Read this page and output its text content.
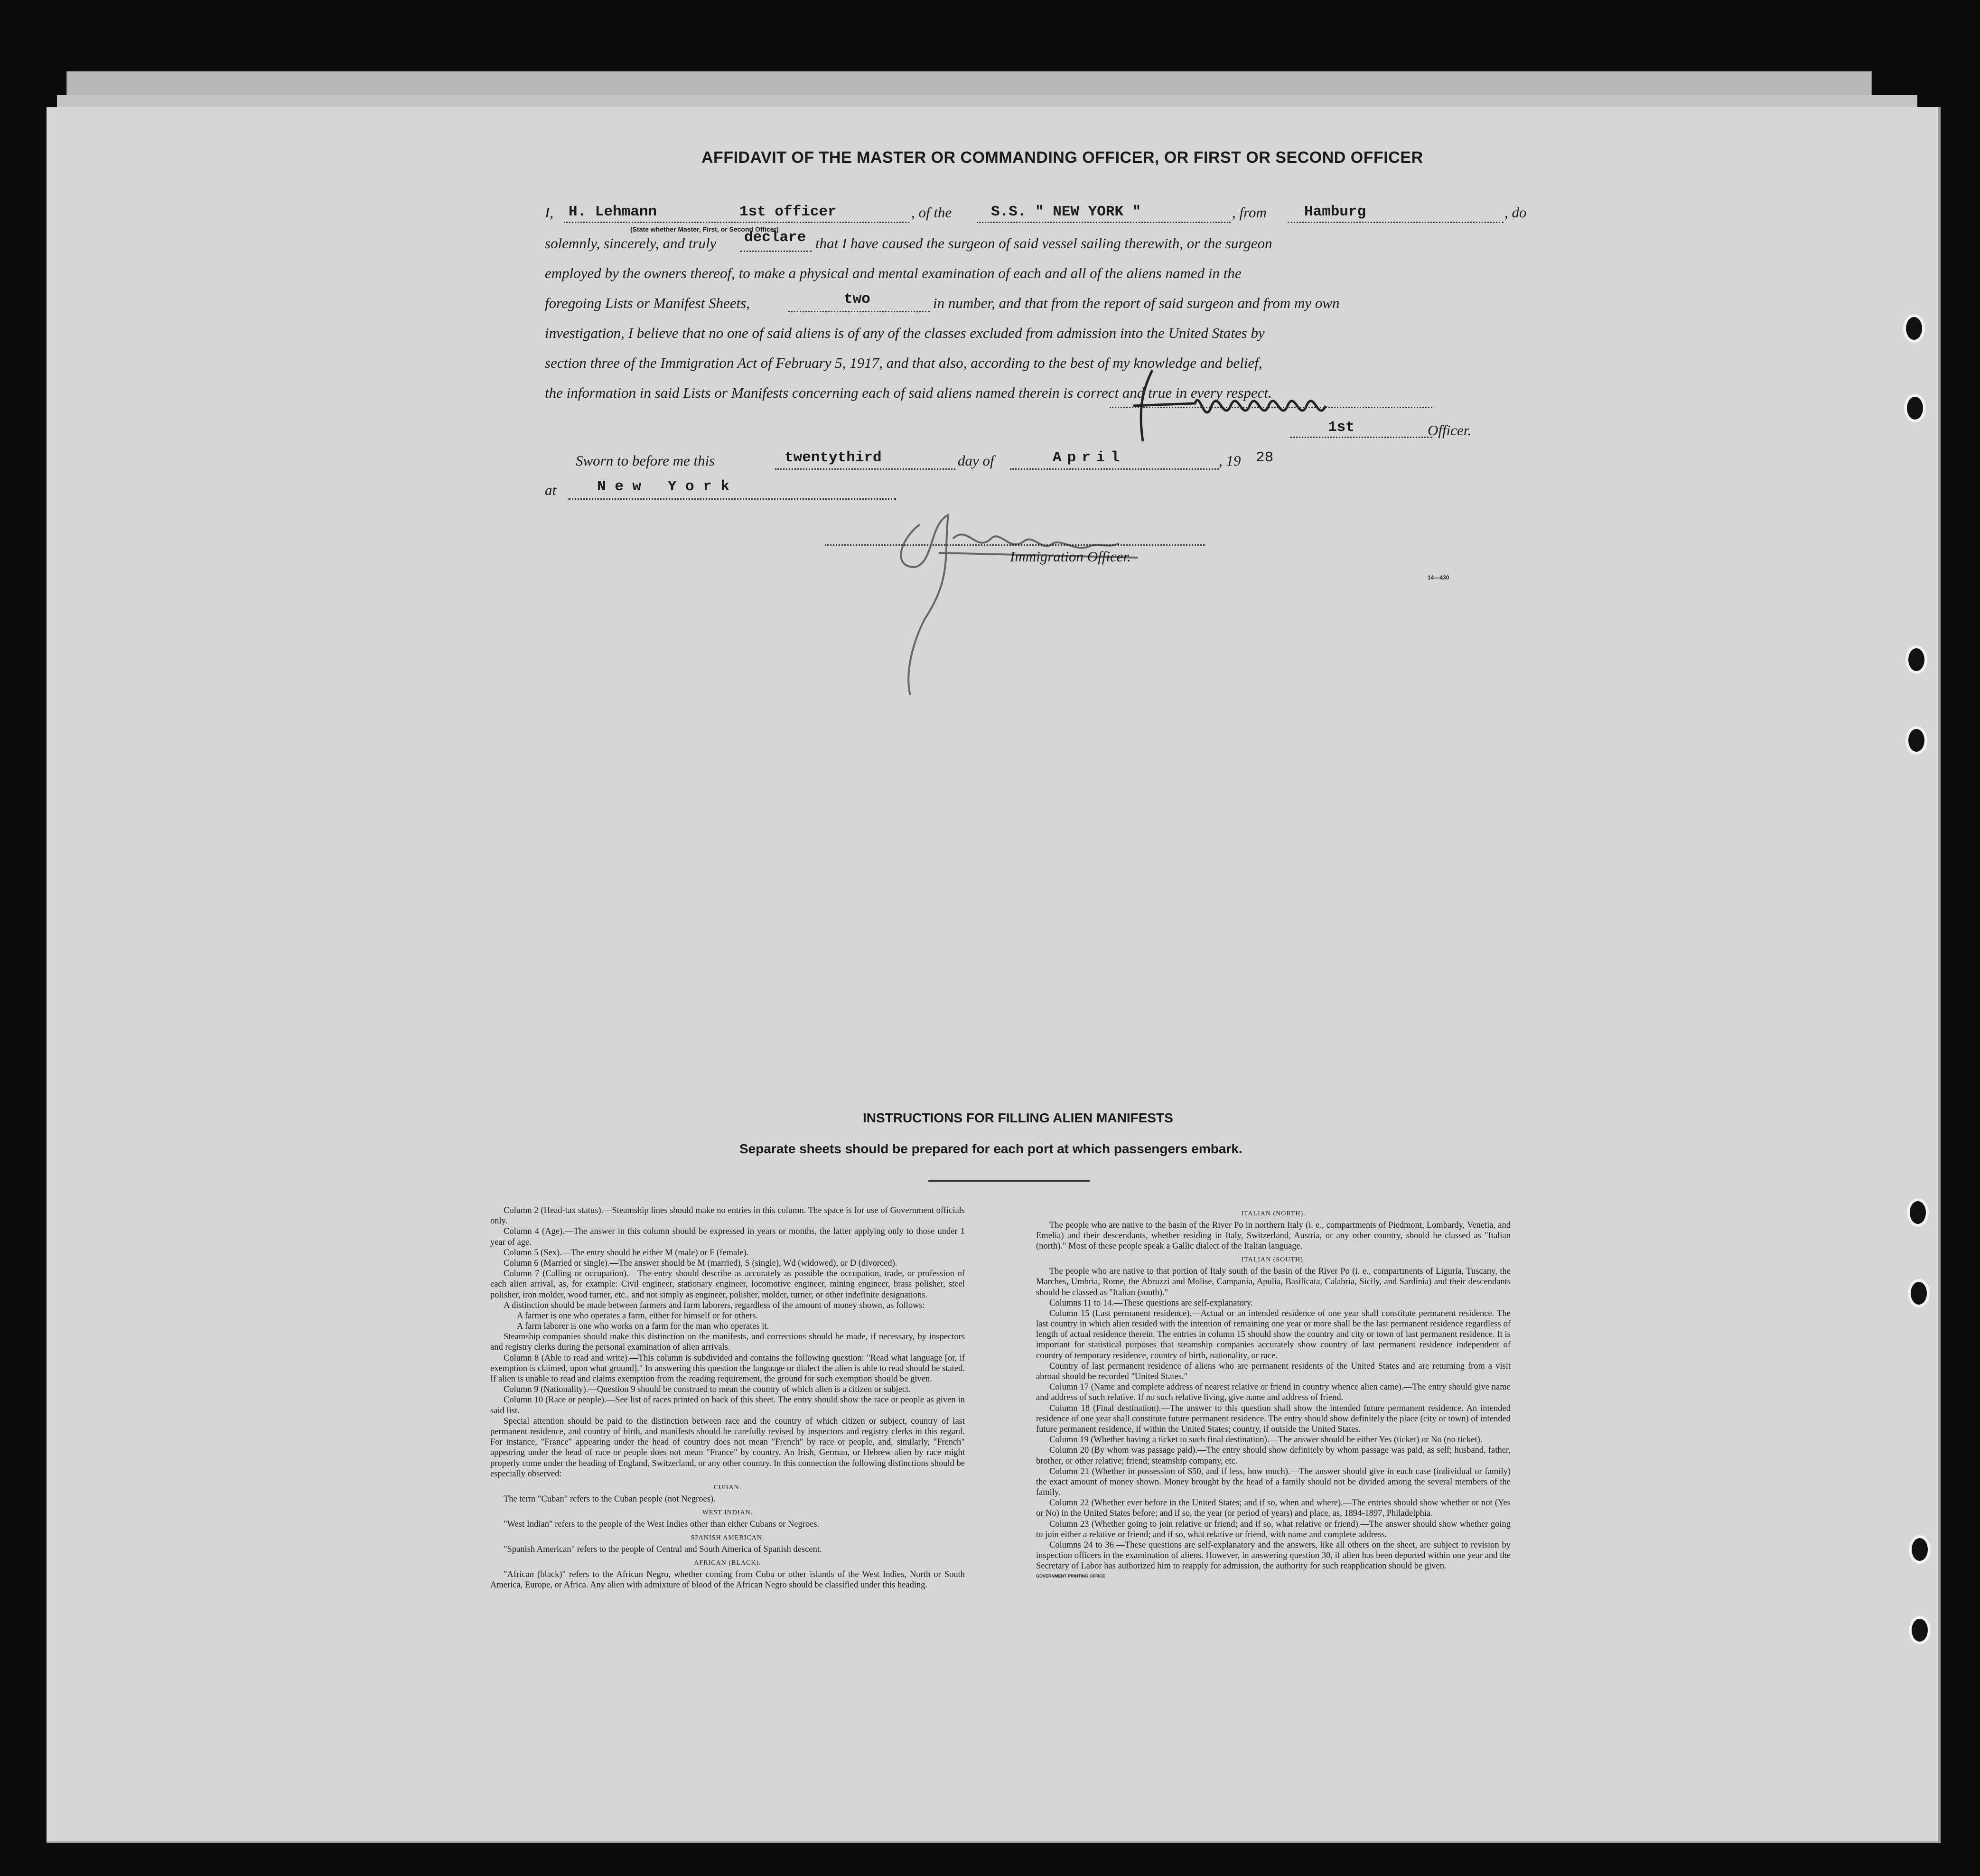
AFFIDAVIT OF THE MASTER OR COMMANDING OFFICER, OR FIRST OR SECOND OFFICER
I, H. Lehmann	1st officer	, of the	S.S. " NEW YORK "	, from	Hamburg	, do
(State whether Master, First, or Second Officer)
solemnly, sincerely, and truly declare that I have caused the surgeon of said vessel sailing therewith, or the surgeon
employed by the owners thereof, to make a physical and mental examination of each and all of the aliens named in the
foregoing Lists or Manifest Sheets,	two	in number, and that from the report of said surgeon and from my own
investigation, I believe that no one of said aliens is of any of the classes excluded from admission into the United States by
section three of the Immigration Act of February 5, 1917, and that also, according to the best of my knowledge and belief,
the information in said Lists or Manifests concerning each of said aliens named therein is correct and true in every respect.
1st	Officer.
Sworn to before me this	twentythird	day of	April	, 19 28
at	N e w   Y o r k
Immigration Officer.
14—430
INSTRUCTIONS FOR FILLING ALIEN MANIFESTS
Separate sheets should be prepared for each port at which passengers embark.

Column 2 (Head-tax status).—Steamship lines should make no entries in this column. The space is for use of Government officials only.

Column 4 (Age).—The answer in this column should be expressed in years or months, the latter applying only to those under 1 year of age.

Column 5 (Sex).—The entry should be either M (male) or F (female).

Column 6 (Married or single).—The answer should be M (married), S (single), Wd (widowed), or D (divorced).

Column 7 (Calling or occupation).—The entry should describe as accurately as possible the occupation, trade, or profession of each alien arrival, as, for example: Civil engineer, stationary engineer, locomotive engineer, mining engineer, brass polisher, steel polisher, iron molder, wood turner, etc., and not simply as engineer, polisher, molder, turner, or other indefinite designations.

A distinction should be made between farmers and farm laborers, regardless of the amount of money shown, as follows:

A farmer is one who operates a farm, either for himself or for others.

A farm laborer is one who works on a farm for the man who operates it.

Steamship companies should make this distinction on the manifests, and corrections should be made, if necessary, by inspectors and registry clerks during the personal examination of alien arrivals.

Column 8 (Able to read and write).—This column is subdivided and contains the following question: "Read what language [or, if exemption is claimed, upon what ground]." In answering this question the language or dialect the alien is able to read should be stated. If alien is unable to read and claims exemption from the reading requirement, the ground for such exemption should be given.

Column 9 (Nationality).—Question 9 should be construed to mean the country of which alien is a citizen or subject.

Column 10 (Race or people).—See list of races printed on back of this sheet. The entry should show the race or people as given in said list.

Special attention should be paid to the distinction between race and the country of which citizen or subject, country of last permanent residence, and country of birth, and manifests should be carefully revised by inspectors and registry clerks in this regard. For instance, "France" appearing under the head of country does not mean "French" by race or people, and, similarly, "French" appearing under the head of race or people does not mean "France" by country. An Irish, German, or Hebrew alien by race might properly come under the heading of England, Switzerland, or any other country. In this connection the following distinctions should be especially observed:

CUBAN.

The term "Cuban" refers to the Cuban people (not Negroes).

WEST INDIAN.

"West Indian" refers to the people of the West Indies other than either Cubans or Negroes.

SPANISH AMERICAN.

"Spanish American" refers to the people of Central and South America of Spanish descent.

AFRICAN (BLACK).

"African (black)" refers to the African Negro, whether coming from Cuba or other islands of the West Indies, North or South America, Europe, or Africa. Any alien with admixture of blood of the African Negro should be classified under this heading.

ITALIAN (NORTH).

The people who are native to the basin of the River Po in northern Italy (i. e., compartments of Piedmont, Lombardy, Venetia, and Emelia) and their descendants, whether residing in Italy, Switzerland, Austria, or any other country, should be classed as "Italian (north)." Most of these people speak a Gallic dialect of the Italian language.

ITALIAN (SOUTH).

The people who are native to that portion of Italy south of the basin of the River Po (i. e., compartments of Liguria, Tuscany, the Marches, Umbria, Rome, the Abruzzi and Molise, Campania, Apulia, Basilicata, Calabria, Sicily, and Sardinia) and their descendants should be classed as "Italian (south)."

Columns 11 to 14.—These questions are self-explanatory.

Column 15 (Last permanent residence).—Actual or an intended residence of one year shall constitute permanent residence. The last country in which alien resided with the intention of remaining one year or more shall be the last permanent residence regardless of length of actual residence therein. The entries in column 15 should show the country and city or town of last permanent residence. It is important for statistical purposes that steamship companies accurately show country of last permanent residence independent of country of temporary residence, country of birth, nationality, or race.

Country of last permanent residence of aliens who are permanent residents of the United States and are returning from a visit abroad should be recorded "United States."

Column 17 (Name and complete address of nearest relative or friend in country whence alien came).—The entry should give name and address of such relative. If no such relative living, give name and address of friend.

Column 18 (Final destination).—The answer to this question shall show the intended future permanent residence. An intended residence of one year shall constitute future permanent residence. The entry should show definitely the place (city or town) of intended future permanent residence, if within the United States; country, if outside the United States.

Column 19 (Whether having a ticket to such final destination).—The answer should be either Yes (ticket) or No (no ticket).

Column 20 (By whom was passage paid).—The entry should show definitely by whom passage was paid, as self; husband, father, brother, or other relative; friend; steamship company, etc.

Column 21 (Whether in possession of $50, and if less, how much).—The answer should give in each case (individual or family) the exact amount of money shown. Money brought by the head of a family should not be divided among the several members of the family.

Column 22 (Whether ever before in the United States; and if so, when and where).—The entries should show whether or not (Yes or No) in the United States before; and if so, the year (or period of years) and place, as, 1894-1897, Philadelphia.

Column 23 (Whether going to join relative or friend; and if so, what relative or friend).—The answer should show whether going to join either a relative or friend; and if so, what relative or friend, with name and complete address.

Columns 24 to 36.—These questions are self-explanatory and the answers, like all others on the sheet, are subject to revision by inspection officers in the examination of aliens. However, in answering question 30, if alien has been deported within one year and the Secretary of Labor has authorized him to reapply for admission, the authority for such reapplication should be given.

GOVERNMENT PRINTING OFFICE
